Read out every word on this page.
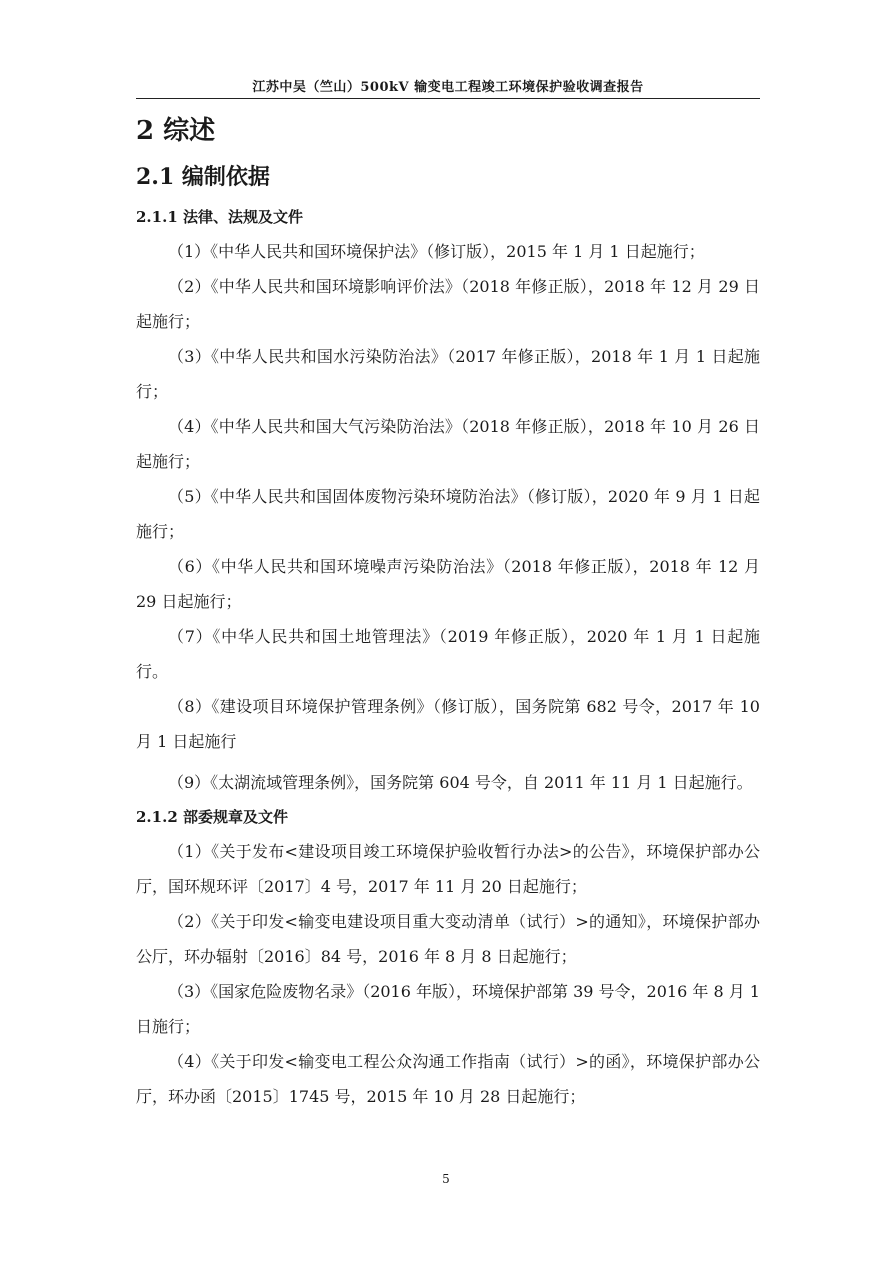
江苏中吴（竺山）500kV 输变电工程竣工环境保护验收调查报告
2 综述
2.1 编制依据
2.1.1 法律、法规及文件

（1）《中华人民共和国环境保护法》（修订版），2015 年 1 月 1 日起施行；

（2）《中华人民共和国环境影响评价法》（2018 年修正版），2018 年 12 月 29 日起施行；

（3）《中华人民共和国水污染防治法》（2017 年修正版），2018 年 1 月 1 日起施行；

（4）《中华人民共和国大气污染防治法》（2018 年修正版），2018 年 10 月 26 日起施行；

（5）《中华人民共和国固体废物污染环境防治法》（修订版），2020 年 9 月 1 日起施行；

（6）《中华人民共和国环境噪声污染防治法》（2018 年修正版），2018 年 12 月 29 日起施行；

（7）《中华人民共和国土地管理法》（2019 年修正版），2020 年 1 月 1 日起施行。

（8）《建设项目环境保护管理条例》（修订版），国务院第 682 号令，2017 年 10 月 1 日起施行

（9）《太湖流域管理条例》，国务院第 604 号令，自 2011 年 11 月 1 日起施行。

2.1.2 部委规章及文件

（1）《关于发布<建设项目竣工环境保护验收暂行办法>的公告》，环境保护部办公厅，国环规环评〔2017〕4 号，2017 年 11 月 20 日起施行；

（2）《关于印发<输变电建设项目重大变动清单（试行）>的通知》，环境保护部办公厅，环办辐射〔2016〕84 号，2016 年 8 月 8 日起施行；

（3）《国家危险废物名录》（2016 年版），环境保护部第 39 号令，2016 年 8 月 1 日施行；

（4）《关于印发<输变电工程公众沟通工作指南（试行）>的函》，环境保护部办公厅，环办函〔2015〕1745 号，2015 年 10 月 28 日起施行；

5
